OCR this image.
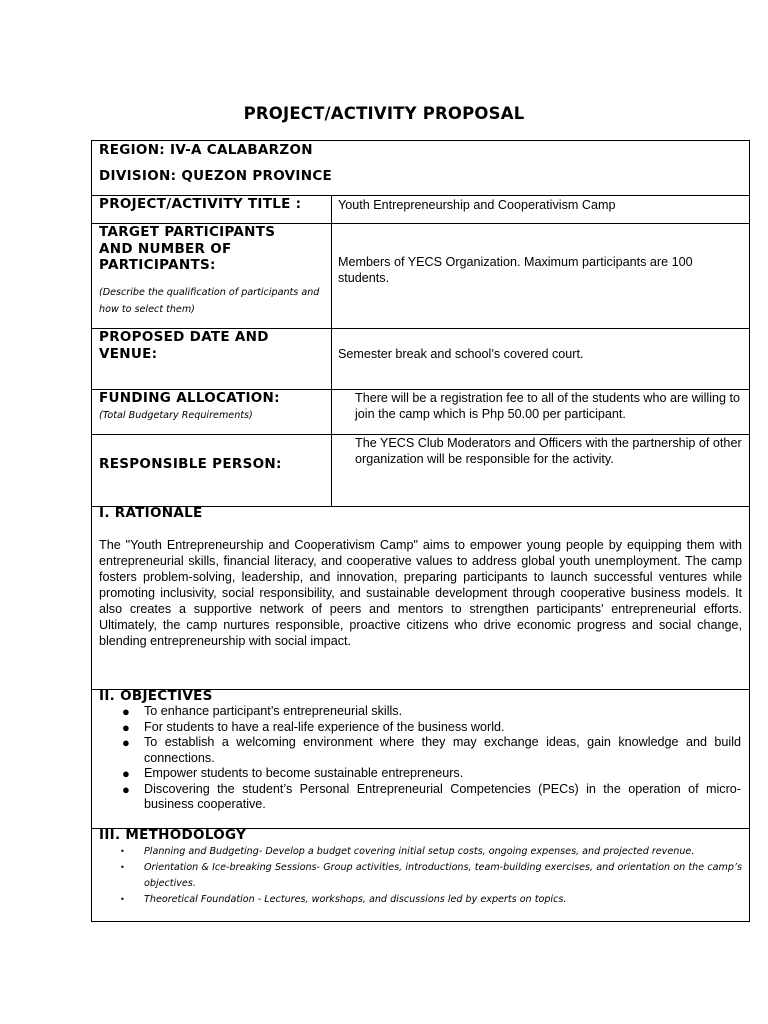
PROJECT/ACTIVITY PROPOSAL
REGION: IV-A CALABARZON
DIVISION: QUEZON PROVINCE
PROJECT/ACTIVITY TITLE :	Youth Entrepreneurship and Cooperativism Camp
TARGET PARTICIPANTS AND NUMBER OF PARTICIPANTS:
(Describe the qualification of participants and how to select them)
Members of YECS Organization. Maximum participants are 100 students.
PROPOSED DATE AND VENUE:	Semester break and school’s covered court.
FUNDING ALLOCATION:
(Total Budgetary Requirements)
There will be a registration fee to all of the students who are willing to join the camp which is Php 50.00 per participant.
RESPONSIBLE PERSON:
The YECS Club Moderators and Officers with the partnership of other organization will be responsible for the activity.
I. RATIONALE
The "Youth Entrepreneurship and Cooperativism Camp" aims to empower young people by equipping them with entrepreneurial skills, financial literacy, and cooperative values to address global youth unemployment. The camp fosters problem-solving, leadership, and innovation, preparing participants to launch successful ventures while promoting inclusivity, social responsibility, and sustainable development through cooperative business models. It also creates a supportive network of peers and mentors to strengthen participants' entrepreneurial efforts. Ultimately, the camp nurtures responsible, proactive citizens who drive economic progress and social change, blending entrepreneurship with social impact.
II. OBJECTIVES
● To enhance participant’s entrepreneurial skills.
● For students to have a real-life experience of the business world.
● To establish a welcoming environment where they may exchange ideas, gain knowledge and build connections.
● Empower students to become sustainable entrepreneurs.
● Discovering the student’s Personal Entrepreneurial Competencies (PECs) in the operation of micro-business cooperative.
III. METHODOLOGY
• Planning and Budgeting- Develop a budget covering initial setup costs, ongoing expenses, and projected revenue.
• Orientation & Ice-breaking Sessions- Group activities, introductions, team-building exercises, and orientation on the camp’s objectives.
• Theoretical Foundation - Lectures, workshops, and discussions led by experts on topics.
